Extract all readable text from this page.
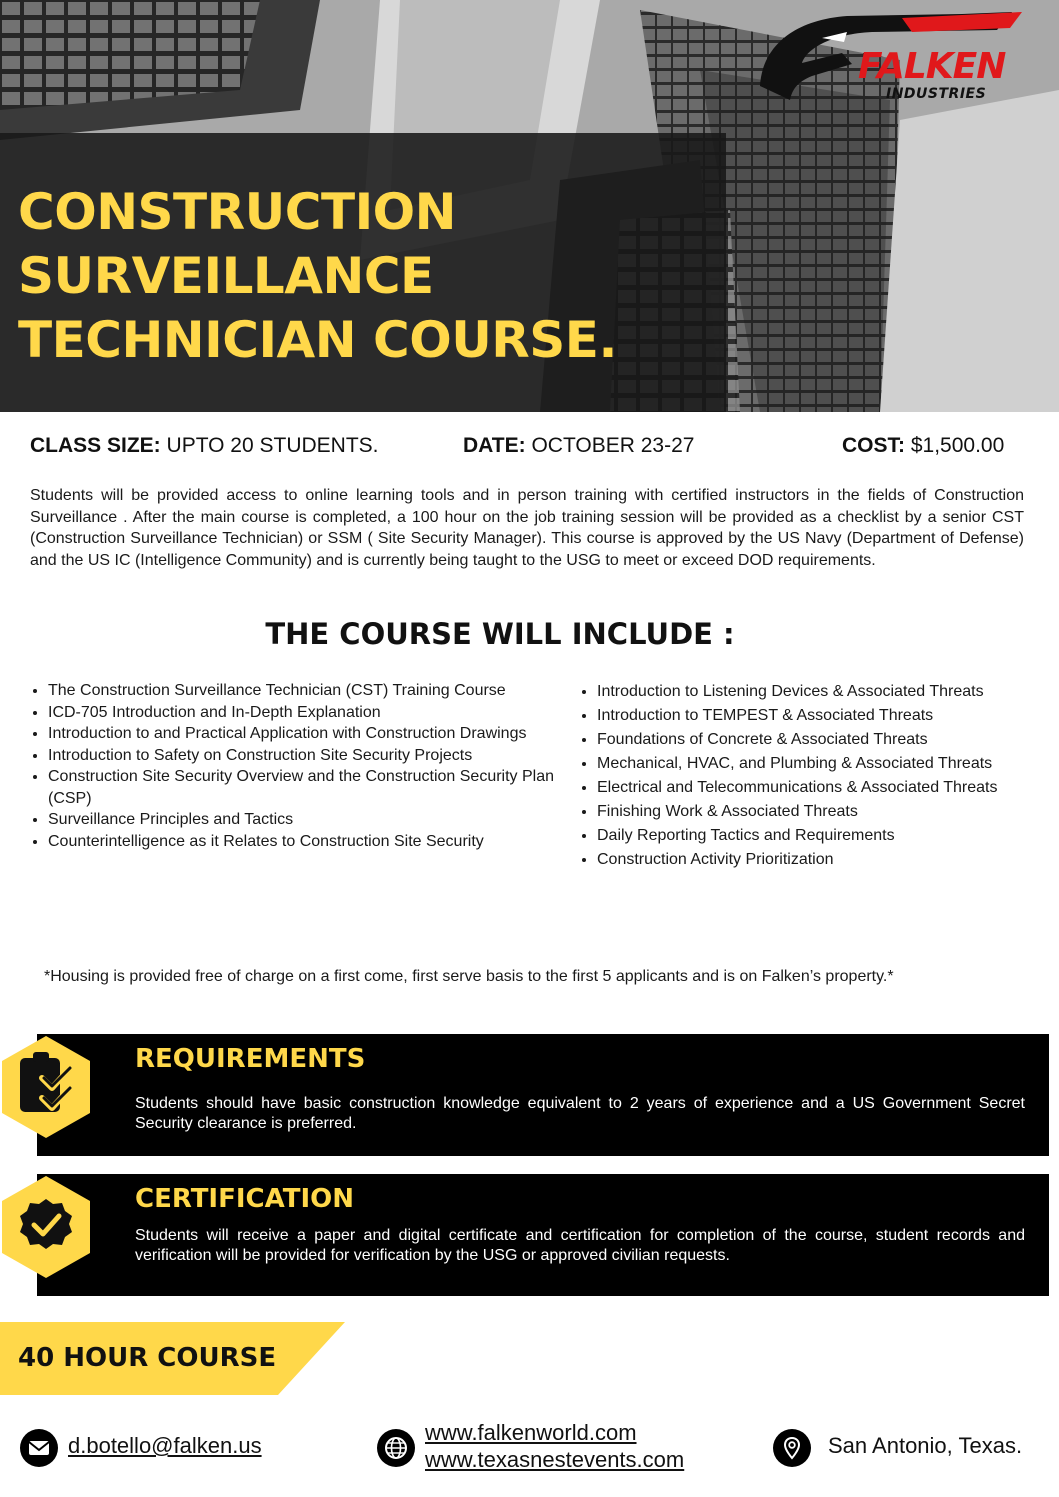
CONSTRUCTION
SURVEILLANCE
TECHNICIAN COURSE.
FALKEN
INDUSTRIES
CLASS SIZE: UPTO 20 STUDENTS.	DATE: OCTOBER 23-27	COST: $1,500.00

Students will be provided access to online learning tools and in person training with certified instructors in the fields of Construction Surveillance . After the main course is completed, a 100 hour on the job training session will be provided as a checklist by a senior CST (Construction Surveillance Technician) or SSM ( Site Security Manager). This course is approved by the US Navy (Department of Defense) and the US IC (Intelligence Community) and is currently being taught to the USG to meet or exceed DOD requirements.

THE COURSE WILL INCLUDE :
• The Construction Surveillance Technician (CST) Training Course
• ICD-705 Introduction and In-Depth Explanation
• Introduction to and Practical Application with Construction Drawings
• Introduction to Safety on Construction Site Security Projects
• Construction Site Security Overview and the Construction Security Plan (CSP)
• Surveillance Principles and Tactics
• Counterintelligence as it Relates to Construction Site Security
• Introduction to Listening Devices & Associated Threats
• Introduction to TEMPEST & Associated Threats
• Foundations of Concrete & Associated Threats
• Mechanical, HVAC, and Plumbing & Associated Threats
• Electrical and Telecommunications & Associated Threats
• Finishing Work & Associated Threats
• Daily Reporting Tactics and Requirements
• Construction Activity Prioritization

*Housing is provided free of charge on a first come, first serve basis to the first 5 applicants and is on Falken’s property.*

REQUIREMENTS

Students should have basic construction knowledge equivalent to 2 years of experience and a US Government Secret Security clearance is preferred.

CERTIFICATION

Students will receive a paper and digital certificate and certification for completion of the course, student records and verification will be provided for verification by the USG or approved civilian requests.

40 HOUR COURSE

d.botello@falken.us
www.falkenworld.com
www.texasnestevents.com
San Antonio, Texas.
